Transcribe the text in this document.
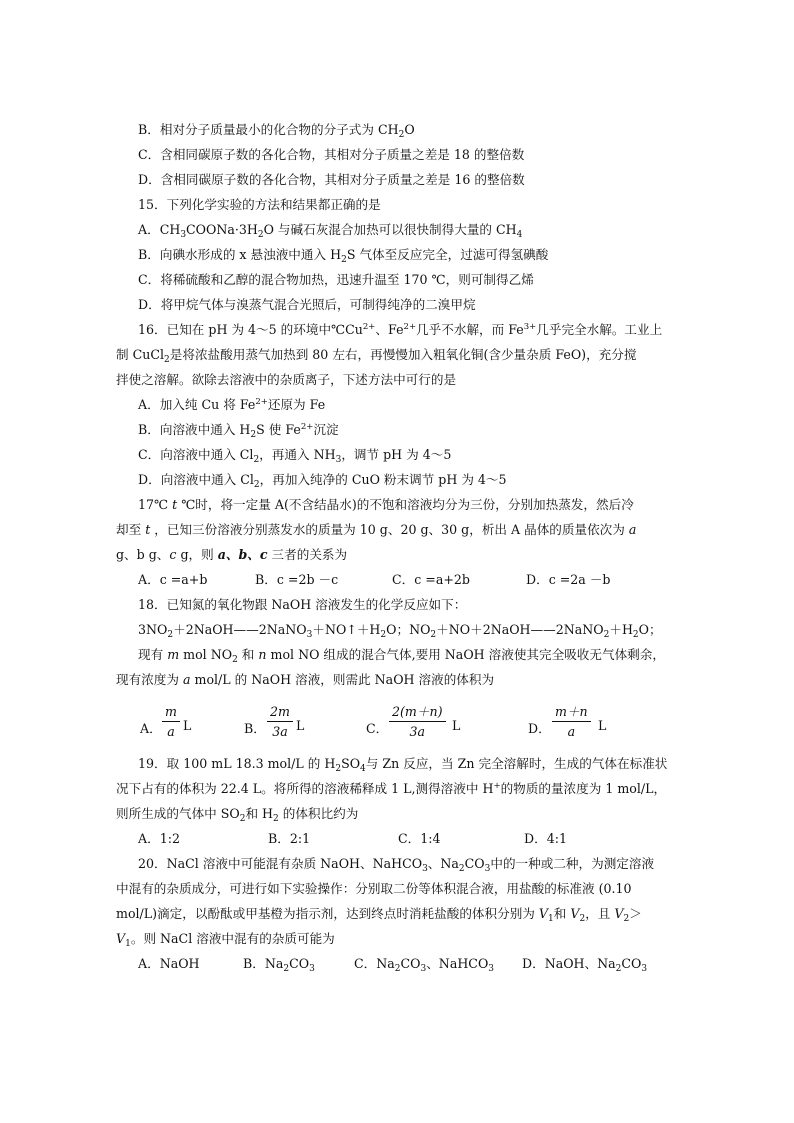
B．相对分子质量最小的化合物的分子式为 $CH_2O$
C．含相同碳原子数的各化合物，其相对分子质量之差是 18 的整倍数
D．含相同碳原子数的各化合物，其相对分子质量之差是 16 的整倍数
15．下列化学实验的方法和结果都正确的是
A．$CH_3COONa\cdot 3H_2O$ 与碱石灰混合加热可以很快制得大量的 $CH_4$
B．向碘水形成的 x 悬浊液中通入 $H_2S$ 气体至反应完全，过滤可得氢碘酸
C．将稀硫酸和乙醇的混合物加热，迅速升温至 170 ℃，则可制得乙烯
D．将甲烷气体与溴蒸气混合光照后，可制得纯净的二溴甲烷
16．已知在 pH 为 4～5 的环境中$℃Cu^{2+}$、$Fe^{2+}$几乎不水解，而 $Fe^{3+}$几乎完全水解。工业上
制 CuCl$_2$是将浓盐酸用蒸气加热到 80 左右，再慢慢加入粗氧化铜(含少量杂质 FeO)，充分搅
拌使之溶解。欲除去溶液中的杂质离子，下述方法中可行的是
A．加入纯 Cu 将 $Fe^{2+}$还原为 Fe
B．向溶液中通入 $H_2S$ 使 $Fe^{2+}$沉淀
C．向溶液中通入 $Cl_2$，再通入 $NH_3$，调节 pH 为 4～5
D．向溶液中通入 $Cl_2$，再加入纯净的 CuO 粉末调节 pH 为 4～5
17℃ t ℃时，将一定量 A(不含结晶水)的不饱和溶液均分为三份，分别加热蒸发，然后冷
却至 t ，已知三份溶液分别蒸发水的质量为 10 g、20 g、30 g，析出 A 晶体的质量依次为 a
g、b g、c g，则 a、b、c 三者的关系为
A．c =a+b	B．c =2b －c	C．c =a+2b	D．c =2a －b
18．已知氮的氧化物跟 NaOH 溶液发生的化学反应如下：
$3NO_2+2NaOH——2NaNO_3+NO↑+H_2O$；$NO_2+NO+2NaOH——2NaNO_2+H_2O$；
现有 m mol $NO_2$ 和 n mol NO 组成的混合气体,要用 NaOH 溶液使其完全吸收无气体剩余，
现有浓度为 a mol/L 的 NaOH 溶液，则需此 NaOH 溶液的体积为
A． $\frac{m}{a}$ L	B． $\frac{2m}{3a}$ L	C． $\frac{2(m+n)}{3a}$ L	D． $\frac{m+n}{a}$ L
19．取 100 mL 18.3 mol/L 的 $H_2SO_4$与 Zn 反应，当 Zn 完全溶解时，生成的气体在标准状
况下占有的体积为 22.4 L。将所得的溶液稀释成 1 L,测得溶液中 H+的物质的量浓度为 1 mol/L，
则所生成的气体中 $SO_2$和 $H_2$ 的体积比约为
A．1:2	B．2:1	C．1:4	D．4:1
20．NaCl 溶液中可能混有杂质 NaOH、NaHCO$_3$、$Na_2CO_3$中的一种或二种，为测定溶液
中混有的杂质成分，可进行如下实验操作：分别取二份等体积混合液，用盐酸的标准液 (0.10
mol/L)滴定，以酚酞或甲基橙为指示剂，达到终点时消耗盐酸的体积分别为 $V_1$和 $V_2$，且 $V_2>$
$V_1$。则 NaCl 溶液中混有的杂质可能为
A．NaOH	B．$Na_2CO_3$	C．$Na_2CO_3$、NaHCO$_3$ D．NaOH、$Na_2CO_3$
